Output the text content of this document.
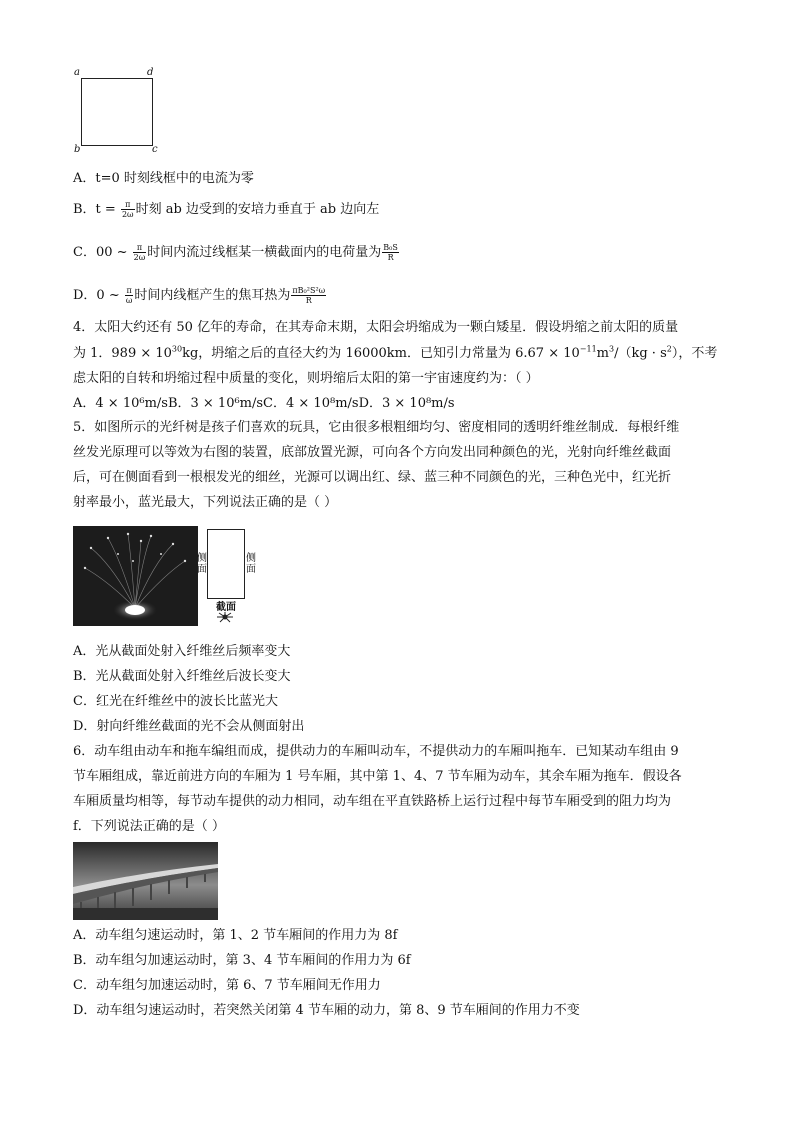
a	d
b	c
A．t=0 时刻线框中的电流为零
B．$t = \frac{\pi}{2\omega}$ 时刻 ab 边受到的安培力垂直于 ab 边向左
C．00 ~ $\frac{\pi}{2\omega}$ 时间内流过线框某一横截面内的电荷量为 $\frac{\text{B₀S}}{R}$
D．0 ~ $\frac{\pi}{\omega}$ 时间内线框产生的焦耳热为 $\frac{\text{πB₀²S²ω}}{R}$
4．太阳大约还有 50 亿年的寿命，在其寿命末期，太阳会坍缩成为一颗白矮星．假设坍缩之前太阳的质量
为 1．$989 \times 10^{30}kg$，坍缩之后的直径大约为 16000km．已知引力常量为 $6.67 \times 10^{-11}m^3/(kg \cdot s^2)$，不考
虑太阳的自转和坍缩过程中质量的变化，则坍缩后太阳的第一宇宙速度约为：（ ）
A．4 × 10⁶m/sB．3 × 10⁶m/sC．4 × 10⁸m/sD．3 × 10⁸m/s
5．如图所示的光纤树是孩子们喜欢的玩具，它由很多根粗细均匀、密度相同的透明纤维丝制成．每根纤维
丝发光原理可以等效为右图的装置，底部放置光源，可向各个方向发出同种颜色的光，光射向纤维丝截面
后，可在侧面看到一根根发光的细丝，光源可以调出红、绿、蓝三种不同颜色的光，三种色光中，红光折
射率最小，蓝光最大，下列说法正确的是（ ）
侧面
侧面
截面
A．光从截面处射入纤维丝后频率变大
B．光从截面处射入纤维丝后波长变大
C．红光在纤维丝中的波长比蓝光大
D．射向纤维丝截面的光不会从侧面射出
6．动车组由动车和拖车编组而成，提供动力的车厢叫动车，不提供动力的车厢叫拖车．已知某动车组由 9
节车厢组成，靠近前进方向的车厢为 1 号车厢，其中第 1、4、7 节车厢为动车，其余车厢为拖车．假设各
车厢质量均相等，每节动车提供的动力相同，动车组在平直铁路桥上运行过程中每节车厢受到的阻力均为
f．下列说法正确的是（ ）
A．动车组匀速运动时，第 1、2 节车厢间的作用力为 8f
B．动车组匀加速运动时，第 3、4 节车厢间的作用力为 6f
C．动车组匀加速运动时，第 6、7 节车厢间无作用力
D．动车组匀速运动时，若突然关闭第 4 节车厢的动力，第 8、9 节车厢间的作用力不变
